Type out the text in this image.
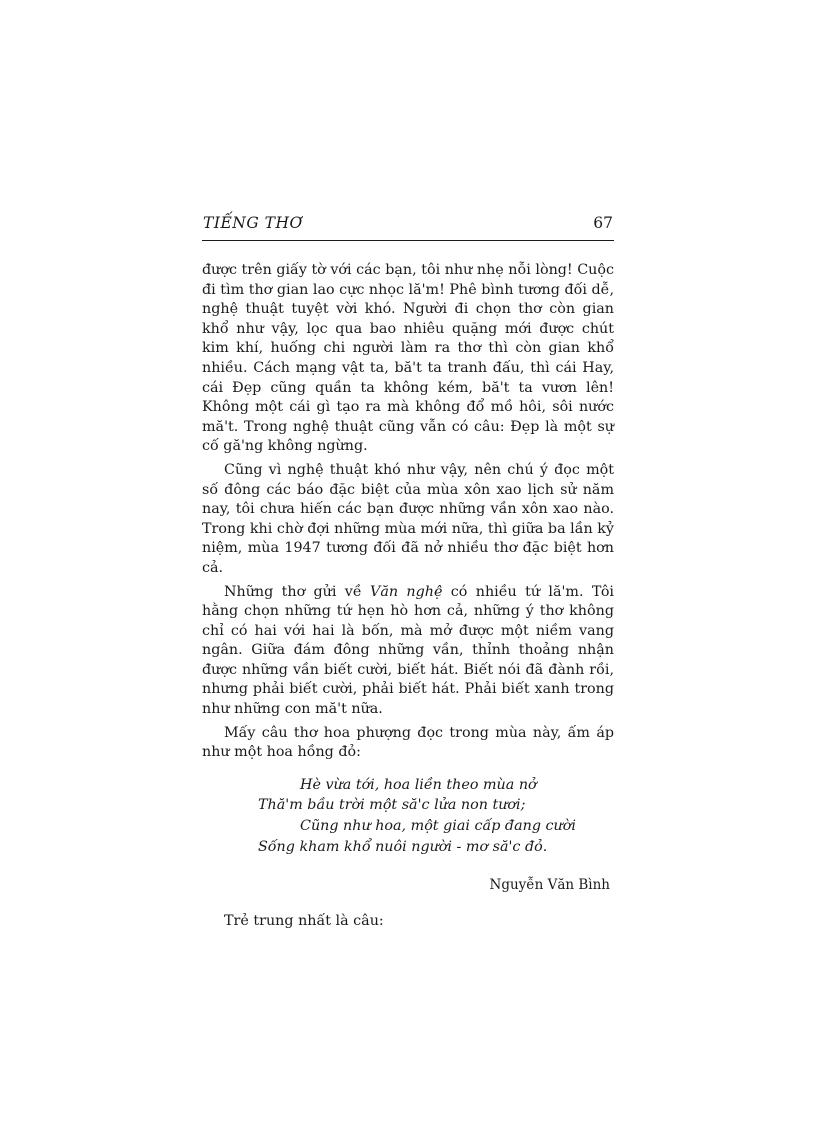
TIẾNG THƠ	67

được trên giấy tờ với các bạn, tôi như nhẹ nỗi lòng! Cuộc đi tìm thơ gian lao cực nhọc lă'm! Phê bình tương đối dễ, nghệ thuật tuyệt vời khó. Người đi chọn thơ còn gian khổ như vậy, lọc qua bao nhiêu quặng mới được chút kim khí, huống chi người làm ra thơ thì còn gian khổ nhiều. Cách mạng vật ta, bă't ta tranh đấu, thì cái Hay, cái Đẹp cũng quần ta không kém, bă't ta vươn lên! Không một cái gì tạo ra mà không đổ mồ hôi, sôi nước mă't. Trong nghệ thuật cũng vẫn có câu: Đẹp là một sự cố gă'ng không ngừng.

Cũng vì nghệ thuật khó như vậy, nên chú ý đọc một số đông các báo đặc biệt của mùa xôn xao lịch sử năm nay, tôi chưa hiến các bạn được những vần xôn xao nào. Trong khi chờ đợi những mùa mới nữa, thì giữa ba lần kỷ niệm, mùa 1947 tương đối đã nở nhiều thơ đặc biệt hơn cả.

Những thơ gửi về Văn nghệ có nhiều tứ lă'm. Tôi hằng chọn những tứ hẹn hò hơn cả, những ý thơ không chỉ có hai với hai là bốn, mà mở được một niềm vang ngân. Giữa đám đông những vần, thỉnh thoảng nhận được những vần biết cười, biết hát. Biết nói đã đành rồi, nhưng phải biết cười, phải biết hát. Phải biết xanh trong như những con mă't nữa.

Mấy câu thơ hoa phượng đọc trong mùa này, ấm áp như một hoa hồng đỏ:

Hè vừa tới, hoa liền theo mùa nở
Thă'm bầu trời một să'c lửa non tươi;
Cũng như hoa, một giai cấp đang cười
Sống kham khổ nuôi người - mơ să'c đỏ.
Nguyễn Văn Bình

Trẻ trung nhất là câu:
